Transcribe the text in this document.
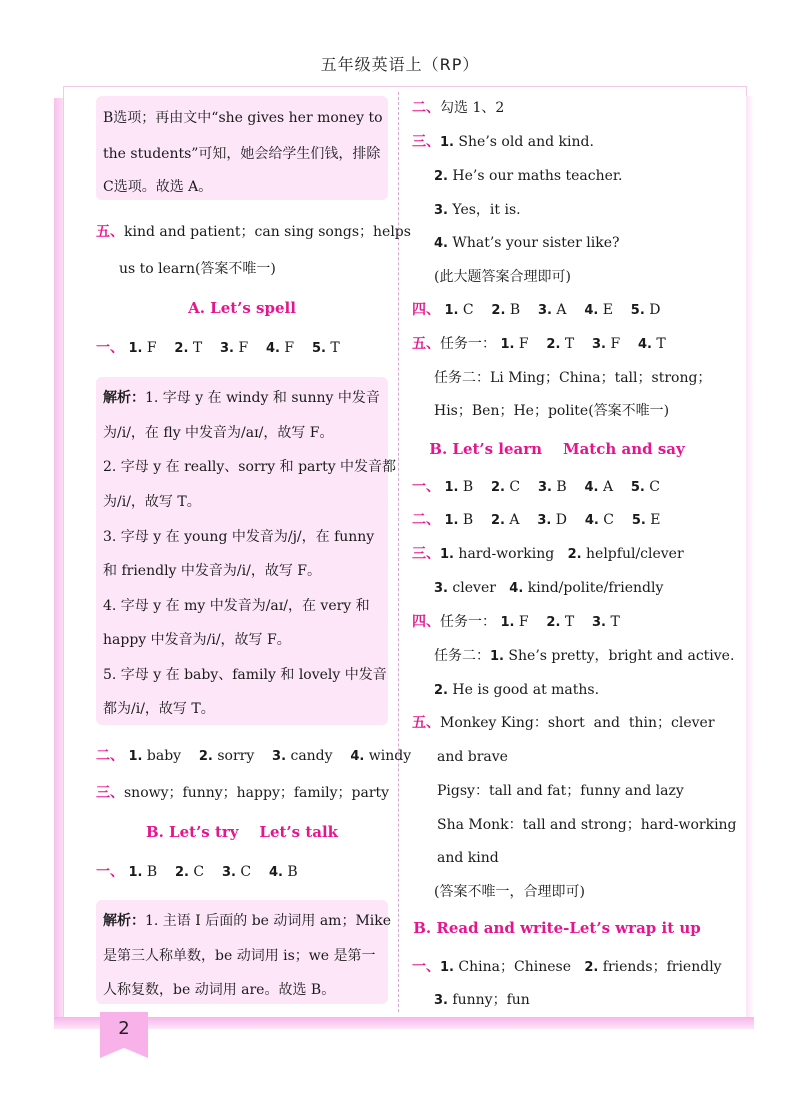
五年级英语上（RP）
2
B选项；再由文中“she gives her money to
the students”可知，她会给学生们钱，排除
C选项。故选 A。
五、kind and patient；can sing songs；helps
us to learn(答案不唯一)
A. Let’s spell
一、 1. F 2. T 3. F 4. F 5. T
解析：1. 字母 y 在 windy 和 sunny 中发音
为/i/，在 fly 中发音为/aɪ/，故写 F。
2. 字母 y 在 really、sorry 和 party 中发音都
为/i/，故写 T。
3. 字母 y 在 young 中发音为/j/，在 funny
和 friendly 中发音为/i/，故写 F。
4. 字母 y 在 my 中发音为/aɪ/，在 very 和
happy 中发音为/i/，故写 F。
5. 字母 y 在 baby、family 和 lovely 中发音
都为/i/，故写 T。
二、 1. baby 2. sorry 3. candy 4. windy
三、snowy；funny；happy；family；party
B. Let’s try    Let’s talk
一、 1. B 2. C 3. C 4. B
解析：1. 主语 I 后面的 be 动词用 am；Mike
是第三人称单数，be 动词用 is；we 是第一
人称复数，be 动词用 are。故选 B。
二、勾选 1、2
三、1. She’s old and kind.
2. He’s our maths teacher.
3. Yes，it is.
4. What’s your sister like?
(此大题答案合理即可)
四、 1. C 2. B 3. A 4. E 5. D
五、任务一： 1. F 2. T 3. F 4. T
任务二：Li Ming；China；tall；strong；
His；Ben；He；polite(答案不唯一)
B. Let’s learn    Match and say
一、 1. B 2. C 3. B 4. A 5. C
二、 1. B 2. A 3. D 4. C 5. E
三、1. hard-working 2. helpful/clever
3. clever 4. kind/polite/friendly
四、任务一： 1. F 2. T 3. T
任务二：1. She’s pretty，bright and active.
2. He is good at maths.
五、Monkey King：short  and  thin；clever
and brave
Pigsy：tall and fat；funny and lazy
Sha Monk：tall and strong；hard-working
and kind
(答案不唯一，合理即可)
B. Read and write-Let’s wrap it up
一、1. China；Chinese 2. friends；friendly
3. funny；fun
